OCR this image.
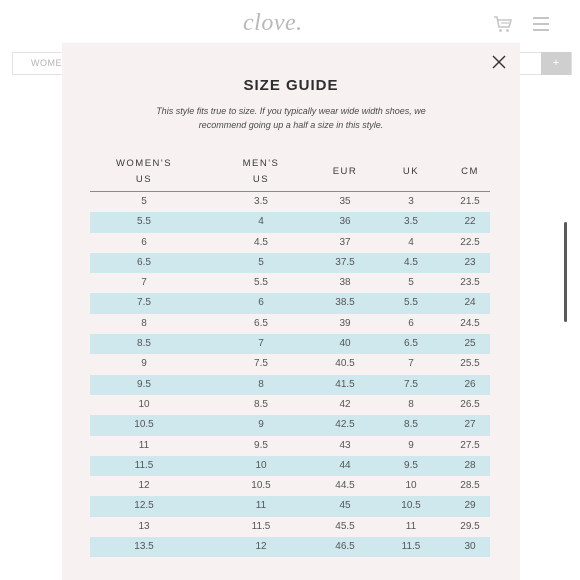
clove.
WOME	+
SIZE GUIDE
This style fits true to size. If you typically wear wide width shoes, we recommend going up a half a size in this style.
WOMEN'S
US
MEN'S
US
EUR	UK	CM
5	3.5	35	3	21.5
5.5	4	36	3.5	22
6	4.5	37	4	22.5
6.5	5	37.5	4.5	23
7	5.5	38	5	23.5
7.5	6	38.5	5.5	24
8	6.5	39	6	24.5
8.5	7	40	6.5	25
9	7.5	40.5	7	25.5
9.5	8	41.5	7.5	26
10	8.5	42	8	26.5
10.5	9	42.5	8.5	27
11	9.5	43	9	27.5
11.5	10	44	9.5	28
12	10.5	44.5	10	28.5
12.5	11	45	10.5	29
13	11.5	45.5	11	29.5
13.5	12	46.5	11.5	30
